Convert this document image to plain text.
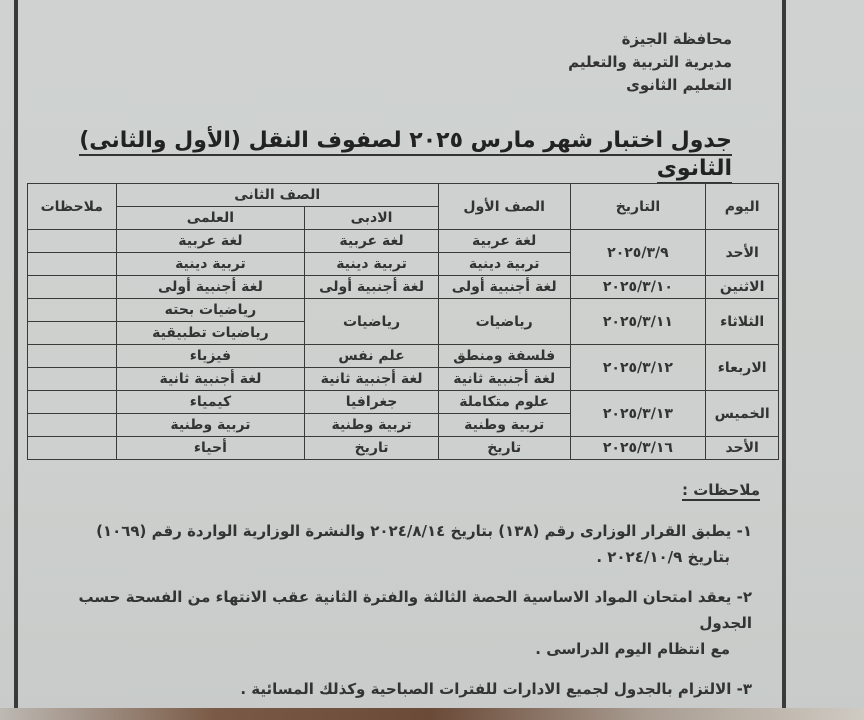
محافظة الجيزة
مديرية التربية والتعليم
التعليم الثانوى
جدول اختبار شهر مارس ٢٠٢٥ لصفوف النقل (الأول والثانى) الثانوى
اليوم	التاريخ	الصف الأول	الصف الثانى		ملاحظات
			الادبى	العلمى	
الأحد	٢٠٢٥/٣/٩	لغة عربية	لغة عربية	لغة عربية	
		تربية دينية	تربية دينية	تربية دينية	
الاثنين	٢٠٢٥/٣/١٠	لغة أجنبية أولى	لغة أجنبية أولى	لغة أجنبية أولى	
الثلاثاء	٢٠٢٥/٣/١١	رياضيات	رياضيات	رياضيات بحته	
				رياضيات تطبيقية	
الاربعاء	٢٠٢٥/٣/١٢	فلسفة ومنطق	علم نفس	فيزياء	
		لغة أجنبية ثانية	لغة أجنبية ثانية	لغة أجنبية ثانية	
الخميس	٢٠٢٥/٣/١٣	علوم متكاملة	جغرافيا	كيمياء	
		تربية وطنية	تربية وطنية	تربية وطنية	
الأحد	٢٠٢٥/٣/١٦	تاريخ	تاريخ	أحياء	
ملاحظات :
١- يطبق القرار الوزارى رقم (١٣٨) بتاريخ ٢٠٢٤/٨/١٤ والنشرة الوزارية الواردة رقم (١٠٦٩)
بتاريخ ٢٠٢٤/١٠/٩ .
٢- يعقد امتحان المواد الاساسية الحصة الثالثة والفترة الثانية عقب الانتهاء من الفسحة حسب الجدول
مع انتظام اليوم الدراسى .
٣- الالتزام بالجدول لجميع الادارات للفترات الصباحية وكذلك المسائية .
